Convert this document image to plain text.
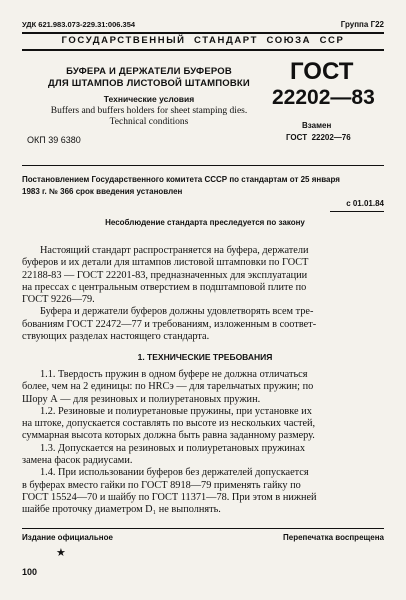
УДК 621.983.073-229.31:006.354	Группа Г22
ГОСУДАРСТВЕННЫЙ  СТАНДАРТ  СОЮЗА  ССР
БУФЕРА И ДЕРЖАТЕЛИ БУФЕРОВ
ДЛЯ ШТАМПОВ ЛИСТОВОЙ ШТАМПОВКИ
Технические условия
Buffers and buffers holders for sheet stamping dies.
Technical conditions
ОКП 39 6380
ГОСТ
22202—83
Взамен
ГОСТ  22202—76
Постановлением Государственного комитета СССР по стандартам от 25 января
1983 г. № 366 срок введения установлен
с 01.01.84
Несоблюдение стандарта преследуется по закону
Настоящий стандарт распространяется на буфера, держатели
буферов и их детали для штампов листовой штамповки по ГОСТ
22188-83 — ГОСТ 22201-83, предназначенных для эксплуатации
на прессах с центральным отверстием в подштамповой плите по
ГОСТ 9226—79.
Буфера и держатели буферов должны удовлетворять всем тре-
бованиям ГОСТ 22472—77 и требованиям, изложенным в соответ-
ствующих разделах настоящего стандарта.
1. ТЕХНИЧЕСКИЕ ТРЕБОВАНИЯ
1.1. Твердость пружин в одном буфере не должна отличаться
более, чем на 2 единицы: по HRCэ — для тарельчатых пружин; по
Шору А — для резиновых и полиуретановых пружин.
1.2. Резиновые и полиуретановые пружины, при установке их
на штоке, допускается составлять по высоте из нескольких частей,
суммарная высота которых должна быть равна заданному размеру.
1.3. Допускается на резиновых и полиуретановых пружинах
замена фасок радиусами.
1.4. При использовании буферов без держателей допускается
в буферах вместо гайки по ГОСТ 8918—79 применять гайку по
ГОСТ 15524—70 и шайбу по ГОСТ 11371—78. При этом в нижней
шайбе проточку диаметром D₁ не выполнять.
Издание официальное	Перепечатка воспрещена
★
100
